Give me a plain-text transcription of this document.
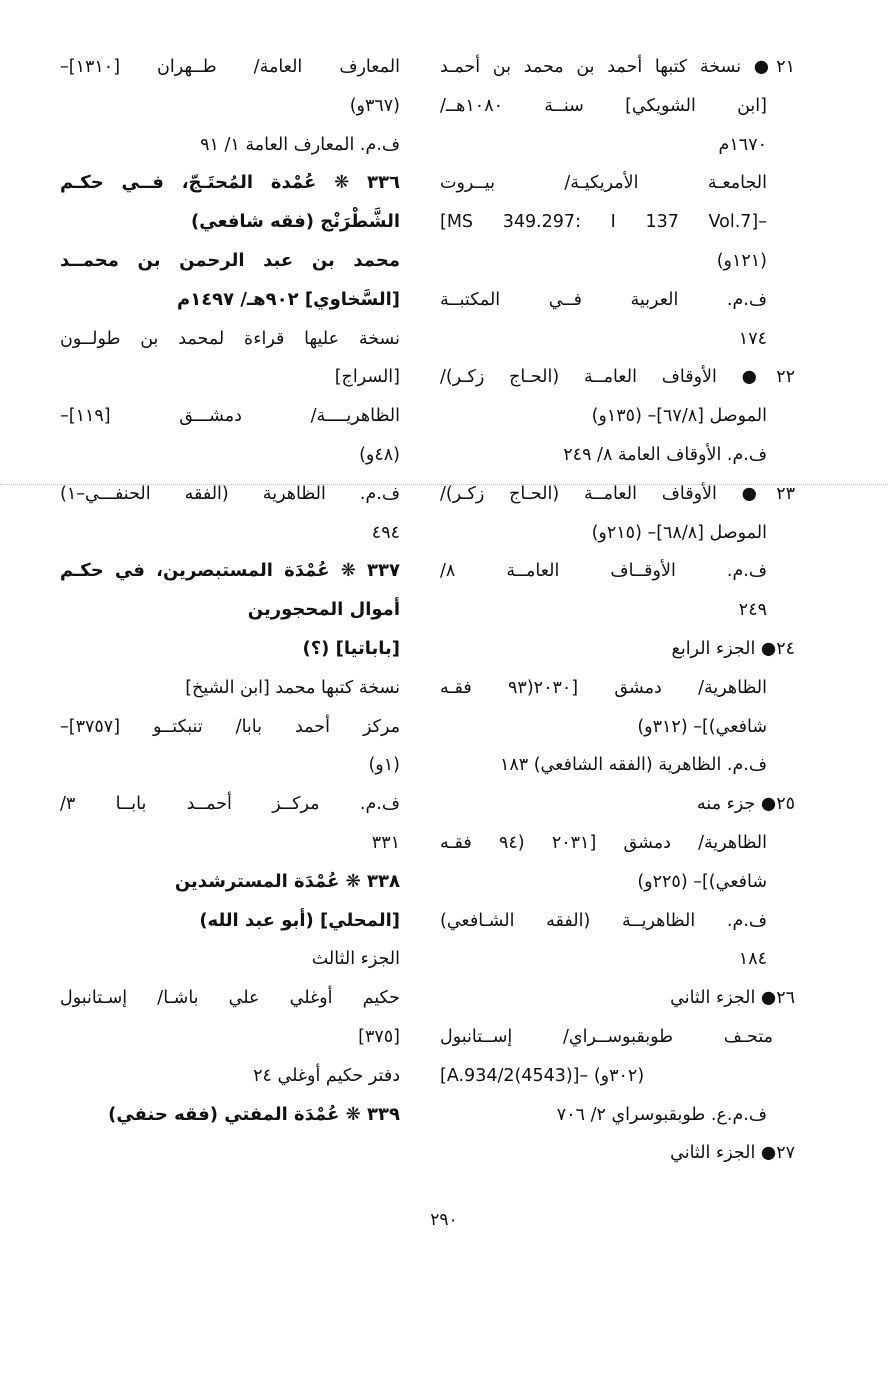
٢١● نسخة كتبها أحمد بن محمد بن أحمـد
[ابن الشويكي] سنــة ١٠٨٠هــ/
١٦٧٠م
الجامعـة الأمريكيـة/ بيــروت
[MS 349.297: I 137 Vol.7]–
(١٢١و)
ف.م. العربية فــي المكتبــة
١٧٤
٢٢● الأوقاف العامــة (الحـاج زكـر)/
الموصل [٦٧/٨]– (١٣٥و)
ف.م. الأوقاف العامة ٨/ ٢٤٩
٢٣● الأوقاف العامــة (الحـاج زكـر)/
الموصل [٦٨/٨]– (٢١٥و)
ف.م. الأوقــاف العامــة ٨/
٢٤٩
٢٤● الجزء الرابع
الظاهرية/ دمشق [٢٠٣٠(٩٣ فقـه
شافعي)]– (٣١٢و)
ف.م. الظاهرية (الفقه الشافعي) ١٨٣
٢٥● جزء منه
الظاهرية/ دمشق [٢٠٣١ (٩٤ فقـه
شافعي)]– (٢٢٥و)
ف.م. الظاهريــة (الفقه الشـافعي)
١٨٤
٢٦● الجزء الثاني
متحـف طوبقبوســراي/ إســتانبول
[A.934/2(4543)]– (٣٠٢و)
ف.م.ع. طوبقبوسراي ٢/ ٧٠٦
٢٧● الجزء الثاني
المعارف العامة/ طــهران [١٣١٠]–
(٣٦٧و)
ف.م. المعارف العامة ١/ ٩١
٣٣٦ ❋ عُمْدة المُحتَـجّ، فــي حكـم
الشَّطْرَنْج (فقه شافعي)
محمد بن عبد الرحمن بن محمــد
[السَّخاوي] ٩٠٢هـ/ ١٤٩٧م
نسخة عليها قراءة لمحمد بن طولــون
[السراج]
الظاهريــــة/ دمشـــق [١١٩]–
(٤٨و)
ف.م. الظاهرية (الفقه الحنفـــي–١)
٤٩٤
٣٣٧ ❋ عُمْدَة المستبصرين، في حكـم
أموال المحجورين
[باباتيا] (؟)
نسخة كتبها محمد [ابن الشيخ]
مركز أحمد بابا/ تنبكتــو [٣٧٥٧]–
(١و)
ف.م. مركــز أحمــد بابــا ٣/
٣٣١
٣٣٨ ❋ عُمْدَة المسترشدين
[المحلي] (أبو عبد الله)
الجزء الثالث
حكيم أوغلي علي باشـا/ إسـتانبول
[٣٧٥]
دفتر حكيم أوغلي ٢٤
٣٣٩ ❋ عُمْدَة المفتي (فقه حنفي)
٢٩٠
